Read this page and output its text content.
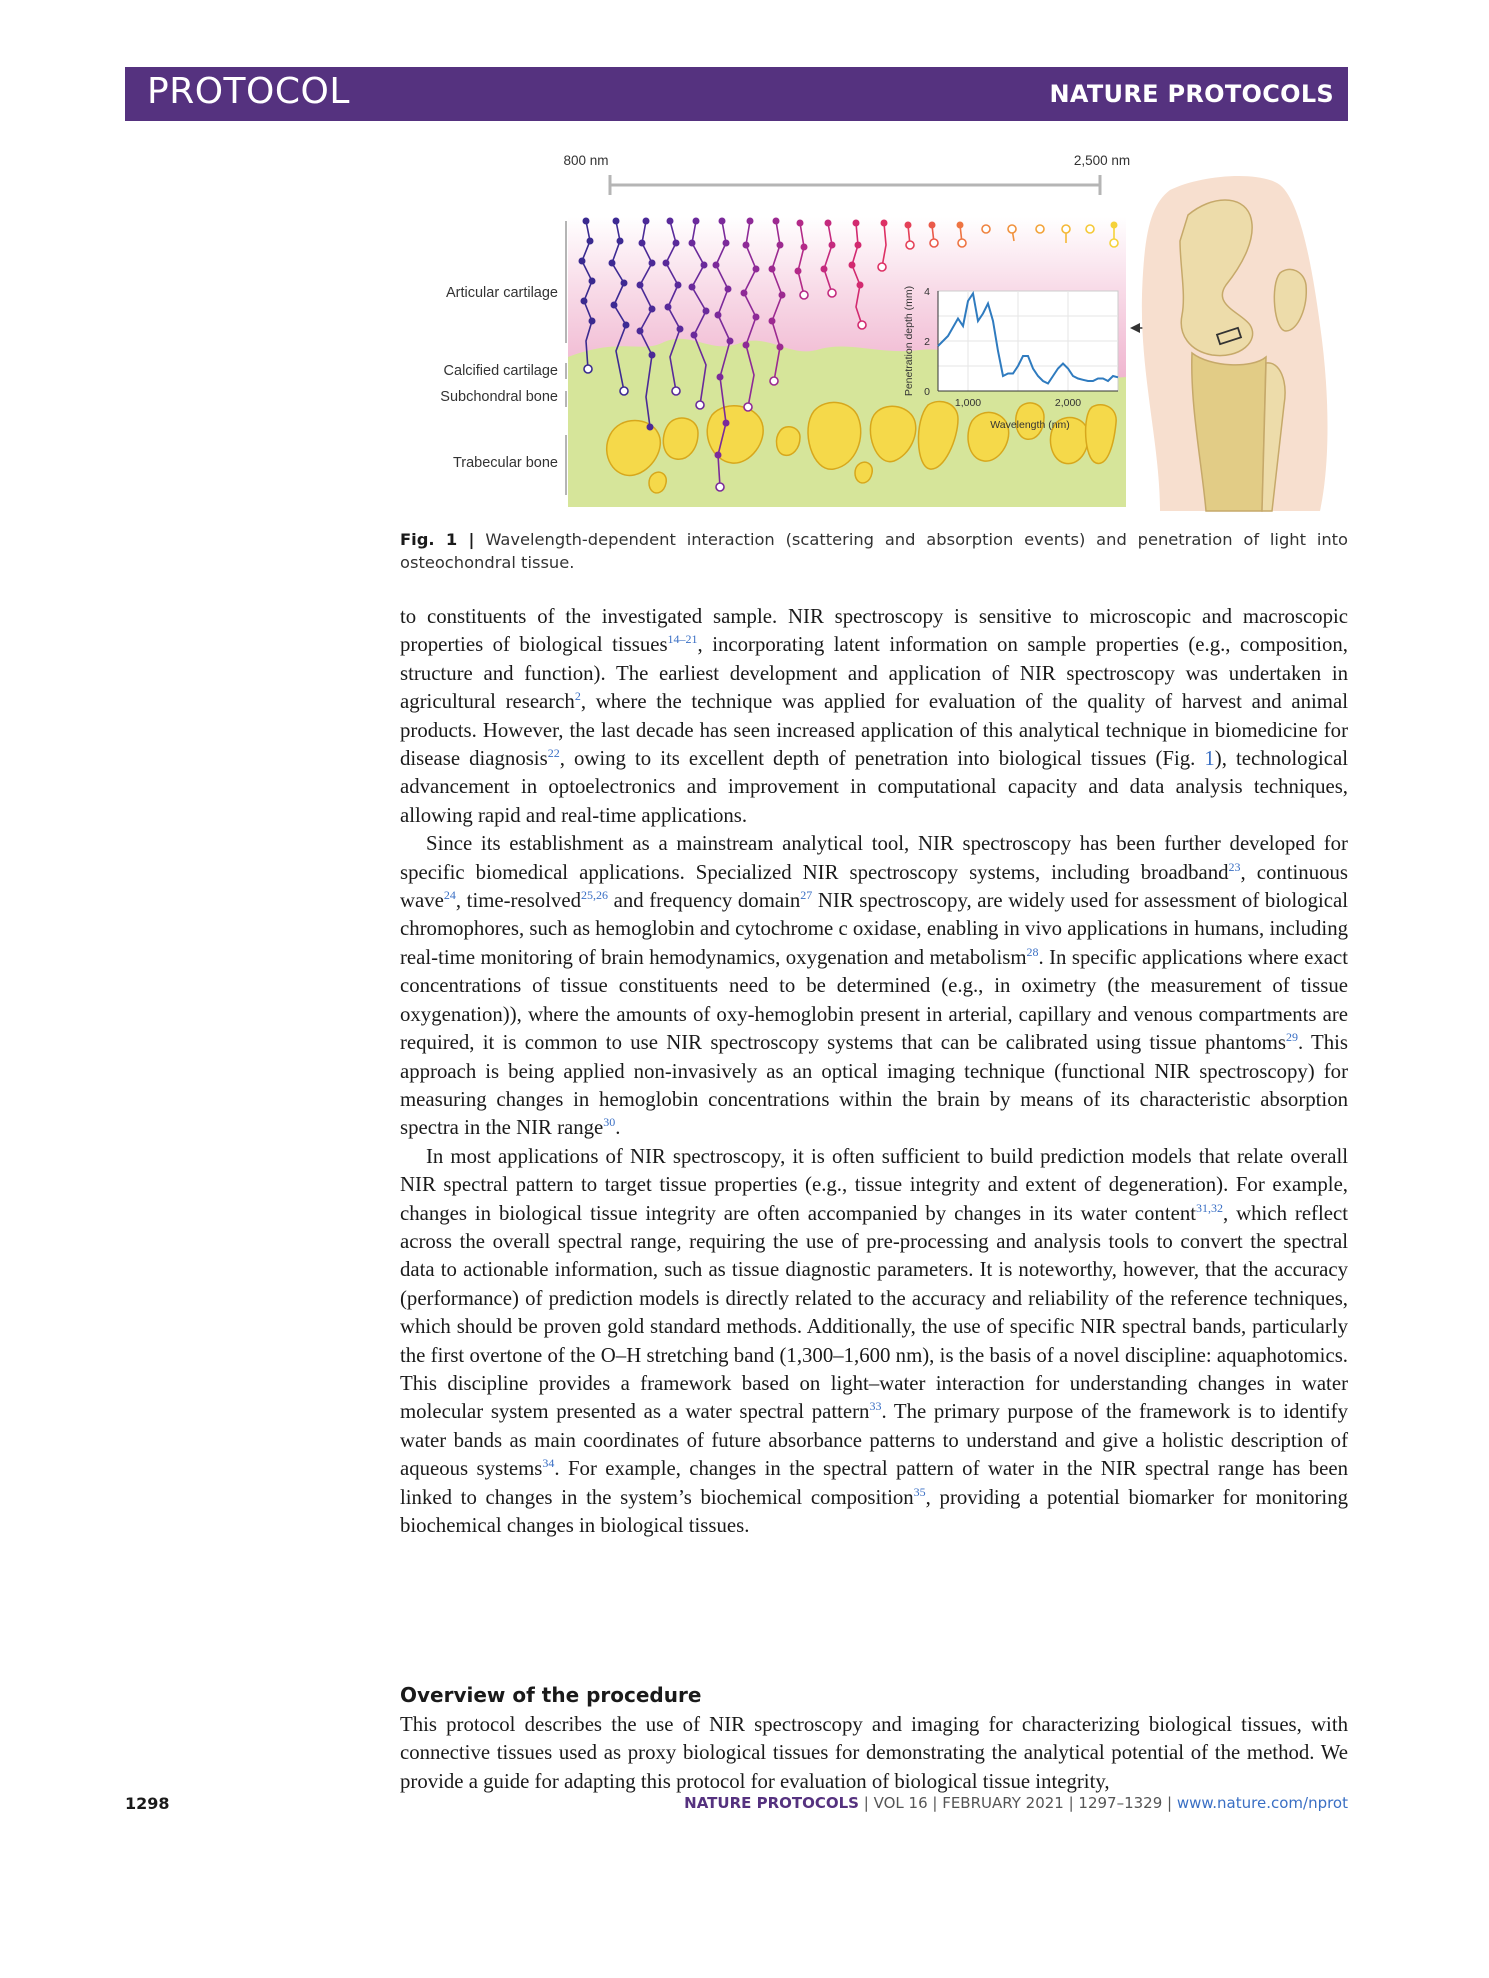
PROTOCOL	NATURE PROTOCOLS
800 nm	2,500 nm
Articular cartilage
Calcified cartilage
Subchondral bone
Trabecular bone
1,000	2,000
0
2
4
Wavelength (nm)
Penetration depth (mm)
Fig. 1 | Wavelength-dependent interaction (scattering and absorption events) and penetration of light into osteochondral tissue.

to constituents of the investigated sample. NIR spectroscopy is sensitive to microscopic and macroscopic properties of biological tissues$^{14-21}$, incorporating latent information on sample properties (e.g., composition, structure and function). The earliest development and application of NIR spectroscopy was undertaken in agricultural research$^2$, where the technique was applied for evaluation of the quality of harvest and animal products. However, the last decade has seen increased application of this analytical technique in biomedicine for disease diagnosis$^{22}$, owing to its excellent depth of penetration into biological tissues (Fig. 1), technological advancement in optoelectronics and improvement in computational capacity and data analysis techniques, allowing rapid and real-time applications.

Since its establishment as a mainstream analytical tool, NIR spectroscopy has been further developed for specific biomedical applications. Specialized NIR spectroscopy systems, including broadband$^{23}$, continuous wave$^{24}$, time-resolved$^{25,26}$ and frequency domain$^{27}$ NIR spectroscopy, are widely used for assessment of biological chromophores, such as hemoglobin and cytochrome c oxidase, enabling in vivo applications in humans, including real-time monitoring of brain hemodynamics, oxygenation and metabolism$^{28}$. In specific applications where exact concentrations of tissue constituents need to be determined (e.g., in oximetry (the measurement of tissue oxygenation)), where the amounts of oxy-hemoglobin present in arterial, capillary and venous compartments are required, it is common to use NIR spectroscopy systems that can be calibrated using tissue phantoms$^{29}$. This approach is being applied non-invasively as an optical imaging technique (functional NIR spectroscopy) for measuring changes in hemoglobin concentrations within the brain by means of its characteristic absorption spectra in the NIR range$^{30}$.

In most applications of NIR spectroscopy, it is often sufficient to build prediction models that relate overall NIR spectral pattern to target tissue properties (e.g., tissue integrity and extent of degeneration). For example, changes in biological tissue integrity are often accompanied by changes in its water content$^{31,32}$, which reflect across the overall spectral range, requiring the use of pre-processing and analysis tools to convert the spectral data to actionable information, such as tissue diagnostic parameters. It is noteworthy, however, that the accuracy (performance) of prediction models is directly related to the accuracy and reliability of the reference techniques, which should be proven gold standard methods. Additionally, the use of specific NIR spectral bands, particularly the first overtone of the O–H stretching band (1,300–1,600 nm), is the basis of a novel discipline: aquaphotomics. This discipline provides a framework based on light–water interaction for understanding changes in water molecular system presented as a water spectral pattern$^{33}$. The primary purpose of the framework is to identify water bands as main coordinates of future absorbance patterns to understand and give a holistic description of aqueous systems$^{34}$. For example, changes in the spectral pattern of water in the NIR spectral range has been linked to changes in the system’s biochemical composition$^{35}$, providing a potential biomarker for monitoring biochemical changes in biological tissues.

Overview of the procedure

This protocol describes the use of NIR spectroscopy and imaging for characterizing biological tissues, with connective tissues used as proxy biological tissues for demonstrating the analytical potential of the method. We provide a guide for adapting this protocol for evaluation of biological tissue integrity,

1298	NATURE PROTOCOLS | VOL 16 | FEBRUARY 2021 | 1297–1329 | www.nature.com/nprot
